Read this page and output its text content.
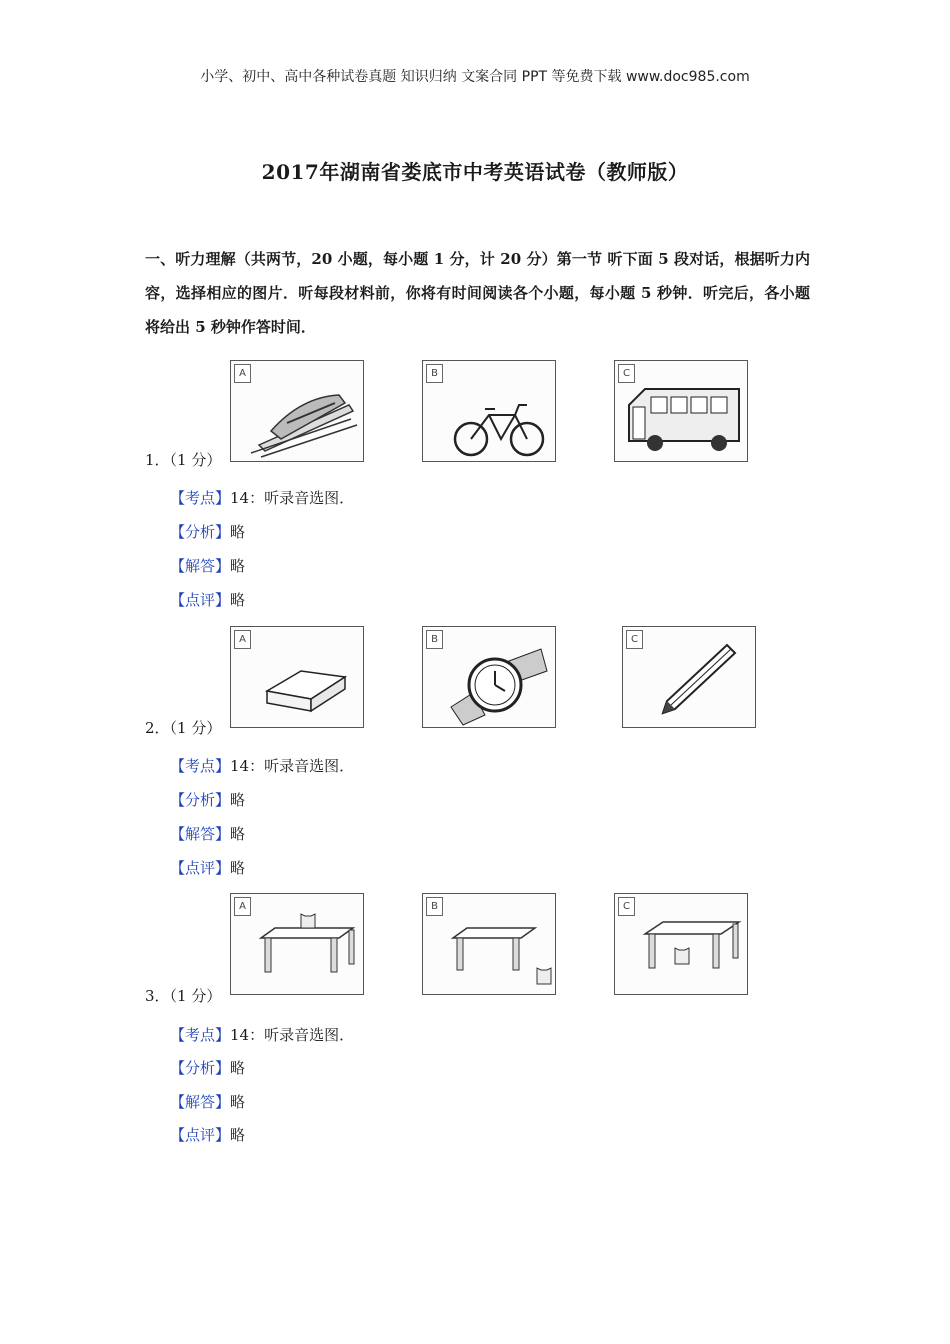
小学、初中、高中各种试卷真题 知识归纳 文案合同 PPT 等免费下载 www.doc985.com
2017年湖南省娄底市中考英语试卷（教师版）
一、听力理解（共两节，20 小题，每小题 1 分，计 20 分）第一节 听下面 5 段对话，根据听力内容，选择相应的图片．听每段材料前，你将有时间阅读各个小题，每小题 5 秒钟．听完后，各小题将给出 5 秒钟作答时间．
A	B	C
1．（1 分）
【考点】14：听录音选图．
【分析】略
【解答】略
【点评】略
A	B	C
2．（1 分）
【考点】14：听录音选图．
【分析】略
【解答】略
【点评】略
A	B	C
3．（1 分）
【考点】14：听录音选图．
【分析】略
【解答】略
【点评】略
